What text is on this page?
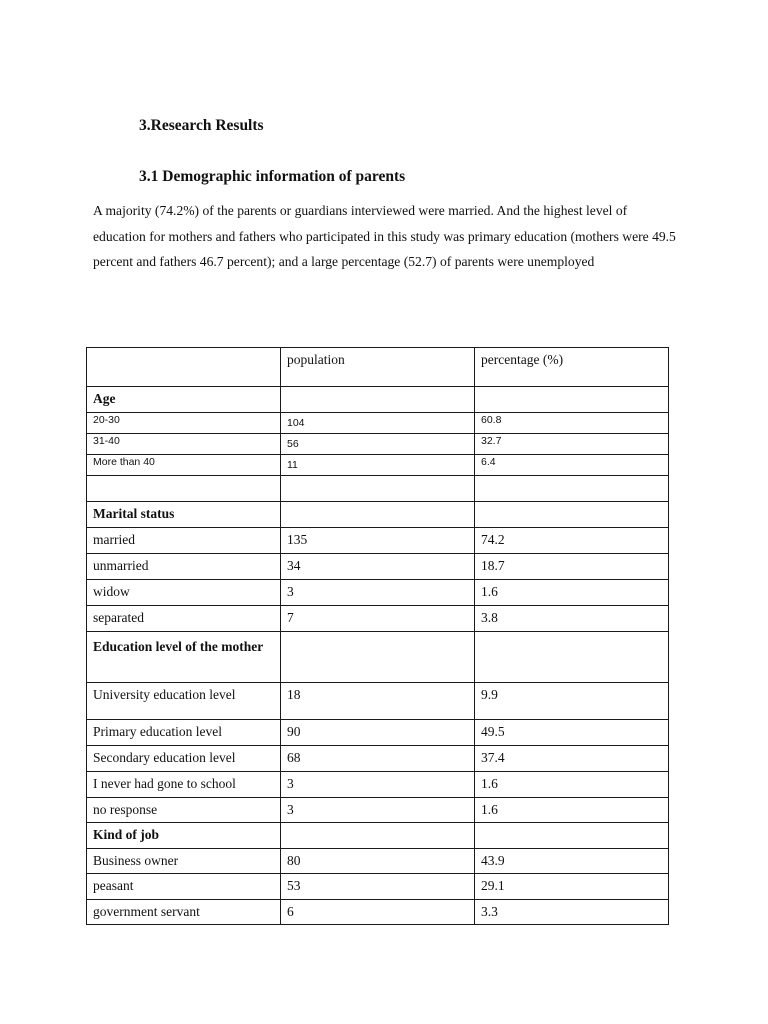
3.Research Results
3.1 Demographic information of parents

A majority (74.2%) of the parents or guardians interviewed were married. And the highest level of education for mothers and fathers who participated in this study was primary education (mothers were 49.5 percent and fathers 46.7 percent); and a large percentage (52.7) of parents were unemployed

	population	percentage (%)
Age		
20-30	104	60.8
31-40	56	32.7
More than 40	11	6.4

Marital status		
married	135	74.2
unmarried	34	18.7
widow	3	1.6
separated	7	3.8
Education level of the mother		
University education level	18	9.9
Primary education level	90	49.5
Secondary education level	68	37.4
I never had gone to school	3	1.6
no response	3	1.6
Kind of job		
Business owner	80	43.9
peasant	53	29.1
government servant	6	3.3
